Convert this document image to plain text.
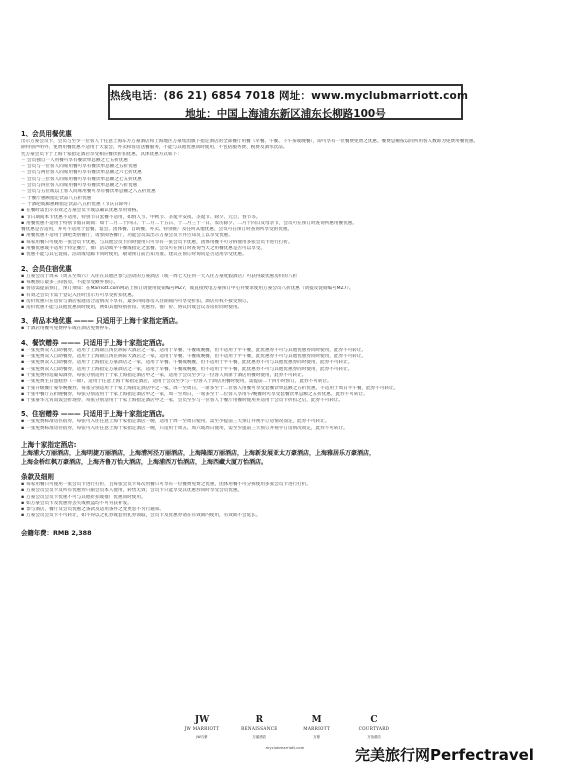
热线电话：(86 21) 6854 7018 网址：www.myclubmarriott.com
地址：中国上海浦东新区浦东长柳路100号
1、会员用餐优惠
出示万豪会员卡，会员与至少一位客人于任意上海东方万豪酒店和上海地区万豪集团旗下指定酒店的全部餐厅用餐（早餐、午餐、下午茶或晚餐），即可享有一位餐费免费之优惠。餐费总额按以同所用客人数即为免费用餐优惠。
除特别声明外，免费用餐优惠不适用于大宴会、外卖和客房送餐服务，不能与其他优惠同时使用，不包括服务费、税费及酒水饮品。
凭万豪会员卡于上海十家指定酒店享受相应餐饮折扣优惠，具体优惠方式如下：
－ 会员独自一人用餐可享有餐饮单总额之七五折优惠
－ 会员与一位客人同席用餐可享有餐饮单总额之五折优惠
－ 会员与两位客人同席用餐可享有餐饮单总额之六七折优惠
－ 会员与三位客人同席用餐可享有餐饮单总额之七五折优惠
－ 会员与四位客人同席用餐可享有餐饮单总额之八折优惠
－ 会员与五位或以上客人同席用餐可享有餐饮单总额之八五折优惠
－ 于餐厅惠顾指定饮品八五折优惠
－ 于酒吧或廊惠顾指定饮品八五折优惠（节庆日除外）
▪ 在餐时需出示有效之万豪会员卡或以确认优惠享用资格。
▪ 节日期间本卡优惠不适用，特别节日套餐不适用，如情人节、中秋节、圣诞平安夜、圣诞节、除夕、元旦、春节等。
▪ 用餐优惠不适用于特别节假日期间：如十二月二十四日、十二月二十五日、十二月三十一日、农历除夕、二月十四日及母亲节，会员可在预订时查询所惠用餐优惠。
餐优惠是否适用，并可不适用于套餐、宴会、团体餐、自助餐、外卖、特别推广及任何其他优惠，会员可在预订时查询所享受的优惠。
▪ 用餐优惠不适用于酒吧类别餐厅，请参阅各餐厅，功能会员需出示万豪会员卡并告知员工以享受优惠。
▪ 每家用餐只可使用一张会员卡优惠，与其他会员卡同时使用只可享有一张会员卡优惠，团体用餐不可分拆使用多张会员卡进行打折。
▪ 用餐优惠或不适用于特定餐厅，推广活动或平午餐或指定之套餐，会员可在预订时查询当天之用餐优惠是否可以享受。
▪ 优惠不能与其它促销、活动或电邮卡同时使用，敬请预订前告知为准。建议在预订时询问是否适用享受优惠。
2、会员住宿优惠
▪ 万豪会员于周末（周五至周六）入住在其他区参与活动的万豪酒店（或一周七天任何一天入住万豪度假酒店）可获得最优惠房价的八折
▪ 每晚预订最多三间客房，不能享受额外预订。
▪ 客房需提前预订，预订须知：在Marriott.com网站上预订请使用促销编号MZ7，或直接致电万豪预订中心并要求使用万豪会员八折优惠（请提及促销编号MZ7）。
▪ 有效之会员卡需于登记入住时出示方可享受折扣优惠。
▪ 房价优惠只在房价与酒店家庭房合适情况下享有，最多四间客房入住期间内可享受折扣，酒店有权不接受预订。
▪ 房价优惠不能与其他优惠同时使用，例如其他特别折扣、优惠券、推广价、协议价或会议等房价同时使用。
3、荷品本地优惠 ——— 只适用于上海十家指定酒店。
▪ 于酒店用餐可免费停车或在酒店免费停车。
4、餐饮赠券 ——— 只适用于上海十家指定酒店。
▪ 一张免费双人自助餐券，适用于上海锦江汤臣洲际大酒店之一家，适用于早餐、午餐或晚餐，但不适用于平午餐，此优惠券不可与其他优惠券同时使用，此券不可转让。
▪ 一张免费双人自助餐券，适用于上海锦江汤臣洲际大酒店之一家，适用于早餐、午餐或晚餐，但不适用于平午餐，此优惠券不可与其他优惠券同时使用，此券不可转让。
▪ 一张免费双人自助餐券，适用于上海指定万豪酒店之一家，适用于早餐、午餐或晚餐，但不适用于平午餐，此优惠券不可与其他优惠券同时使用，此券不可转让。
▪ 一张免费双人自助餐券，适用于上海指定万豪酒店之一家，适用于早餐、午餐或晚餐，但不适用于平午餐，此优惠券不可与其他优惠券同时使用，此券不可转让。
▪ 十张免费特选葡萄酒券，每张分别适用于十家上海指定酒店中之一家，适用于会员至少与一位客人同席于酒店用餐时使用，此券不可转让。
▪ 一张免费生日蛋糕券（一磅），适用于任意上海十家指定酒店，适用于会员至少与一位客人于酒店用餐时使用，需提前二十四小时预订，此券不可转让。
▪ 十张升级餐厅豪华晚餐券，每张分别适用于十家上海指定酒店中之一家，周一至周日，一席多至十二位客人用餐可享受套餐饮单总额之五折优惠，不适用于周日平午餐，此券不可转让。
▪ 十张中餐厅五折晚餐券，每张分别适用于十家上海指定酒店中之一家，周一至周日，一席多至十二位客人享用午/晚餐时可享受套餐饮单总额之五折优惠，此券不可转让。
▪ 十张豪华元宵饭饭会折现券，每张分别适用于十家上海指定酒店中之一家，会员至少与一位客人于餐厅用餐时使用并适用于会员卡折扣之后，此券不可转让。
5、住宿赠券 ——— 只适用于上海十家指定酒店。
▪ 一张免费标准房住宿券，每张可入住任意上海十家指定酒店一晚，适用于周一至周日使用，需至少提前三天预订并视乎订房情况而定，此券不可转让。
▪ 一张免费标准房住宿券，每张可入住任意上海十家指定酒店一晚，只适用于周五、周六或周日使用，需至少提前三天预订并视乎订房情况而定，此券不可转让。
上海十家指定酒店:
上海浦大万丽酒店，上海明捷万丽酒店，上海漕河泾万丽酒店，上海隆图万丽酒店，上海新发展亚太万豪酒店，上海雅居乐万豪酒店，
上海金桥红枫万豪酒店，上海齐鲁万怡大酒店，上海浦西万怡酒店，上海西藏大厦万怡酒店。
条款及细则
▪ 每家用餐只可使用一张会员卡进行打折，且每张会员卡每次用餐只可享有一位餐费免费之优惠，团体用餐不可分拆使用多张会员卡进行打折。
▪ 万豪会员会员卡及所有优惠券只限会员本人使用，转售无效；会员卡只能享受其优惠券同时享受会员优惠。
▪ 万豪会员会员卡优惠不可与其他折扣或推广优惠同时使用。
▪ 如万豪会员卡及优惠券丢失或被盗均不可另获补发。
▪ 参与酒店、餐厅及会员优惠之条款及适用条件之变更恕不另行通知。
▪ 万豪会员会员卡不可转让，如不得以之礼券或套用礼券领取，会员卡及优惠券请在有效期内使用，有效期不会延长。
会籍年费：RMB 2,388
JW
JW MARRIOTT
JW万豪
R
RENAISSANCE
万丽酒店
M
MARRIOTT
万豪
C
COURTYARD
万怡酒店
myclubmarriott.com	完美旅行网Perfectravel
